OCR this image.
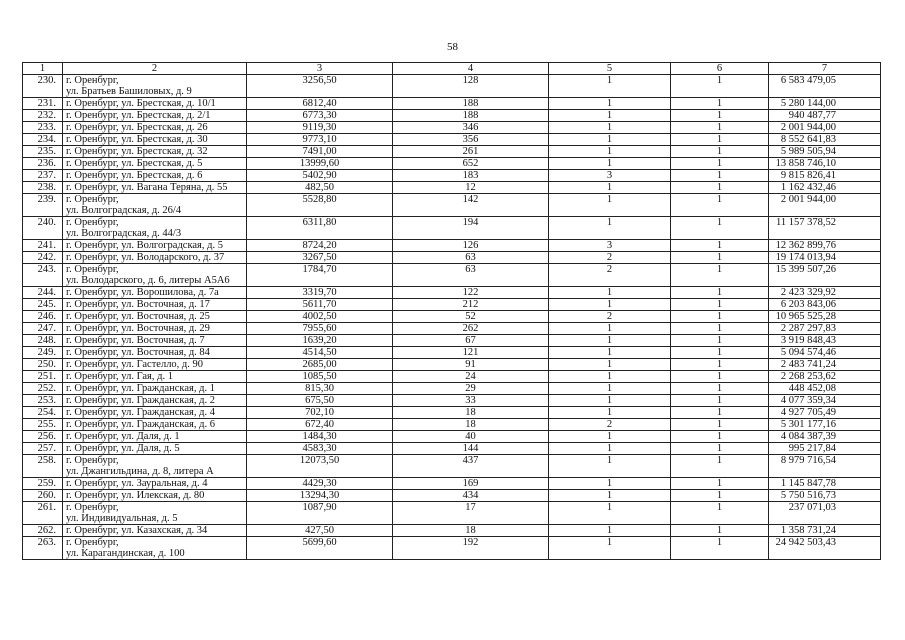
58
1	2	3	4	5	6	7
230.	г. Оренбург,
ул. Братьев Башиловых, д. 9	3256,50	128	1	1	6 583 479,05
231.	г. Оренбург, ул. Брестская, д. 10/1	6812,40	188	1	1	5 280 144,00
232.	г. Оренбург, ул. Брестская, д. 2/1	6773,30	188	1	1	940 487,77
233.	г. Оренбург, ул. Брестская, д. 26	9119,30	346	1	1	2 001 944,00
234.	г. Оренбург, ул. Брестская, д. 30	9773,10	356	1	1	8 552 641,83
235.	г. Оренбург, ул. Брестская, д. 32	7491,00	261	1	1	5 989 505,94
236.	г. Оренбург, ул. Брестская, д. 5	13999,60	652	1	1	13 858 746,10
237.	г. Оренбург, ул. Брестская, д. 6	5402,90	183	3	1	9 815 826,41
238.	г. Оренбург, ул. Вагана Теряна, д. 55	482,50	12	1	1	1 162 432,46
239.	г. Оренбург,
ул. Волгоградская, д. 26/4	5528,80	142	1	1	2 001 944,00
240.	г. Оренбург,
ул. Волгоградская, д. 44/3	6311,80	194	1	1	11 157 378,52
241.	г. Оренбург, ул. Волгоградская, д. 5	8724,20	126	3	1	12 362 899,76
242.	г. Оренбург, ул. Володарского, д. 37	3267,50	63	2	1	19 174 013,94
243.	г. Оренбург,
ул. Володарского, д. 6, литеры А5А6	1784,70	63	2	1	15 399 507,26
244.	г. Оренбург, ул. Ворошилова, д. 7а	3319,70	122	1	1	2 423 329,92
245.	г. Оренбург, ул. Восточная, д. 17	5611,70	212	1	1	6 203 843,06
246.	г. Оренбург, ул. Восточная, д. 25	4002,50	52	2	1	10 965 525,28
247.	г. Оренбург, ул. Восточная, д. 29	7955,60	262	1	1	2 287 297,83
248.	г. Оренбург, ул. Восточная, д. 7	1639,20	67	1	1	3 919 848,43
249.	г. Оренбург, ул. Восточная, д. 84	4514,50	121	1	1	5 094 574,46
250.	г. Оренбург, ул. Гастелло, д. 90	2685,00	91	1	1	2 483 741,24
251.	г. Оренбург, ул. Гая, д. 1	1085,50	24	1	1	2 268 253,62
252.	г. Оренбург, ул. Гражданская, д. 1	815,30	29	1	1	448 452,08
253.	г. Оренбург, ул. Гражданская, д. 2	675,50	33	1	1	4 077 359,34
254.	г. Оренбург, ул. Гражданская, д. 4	702,10	18	1	1	4 927 705,49
255.	г. Оренбург, ул. Гражданская, д. 6	672,40	18	2	1	5 301 177,16
256.	г. Оренбург, ул. Даля, д. 1	1484,30	40	1	1	4 084 387,39
257.	г. Оренбург, ул. Даля, д. 5	4583,30	144	1	1	995 217,84
258.	г. Оренбург,
ул. Джангильдина, д. 8, литера А	12073,50	437	1	1	8 979 716,54
259.	г. Оренбург, ул. Зауральная, д. 4	4429,30	169	1	1	1 145 847,78
260.	г. Оренбург, ул. Илекская, д. 80	13294,30	434	1	1	5 750 516,73
261.	г. Оренбург,
ул. Индивидуальная, д. 5	1087,90	17	1	1	237 071,03
262.	г. Оренбург, ул. Казахская, д. 34	427,50	18	1	1	1 358 731,24
263.	г. Оренбург,
ул. Карагандинская, д. 100	5699,60	192	1	1	24 942 503,43
